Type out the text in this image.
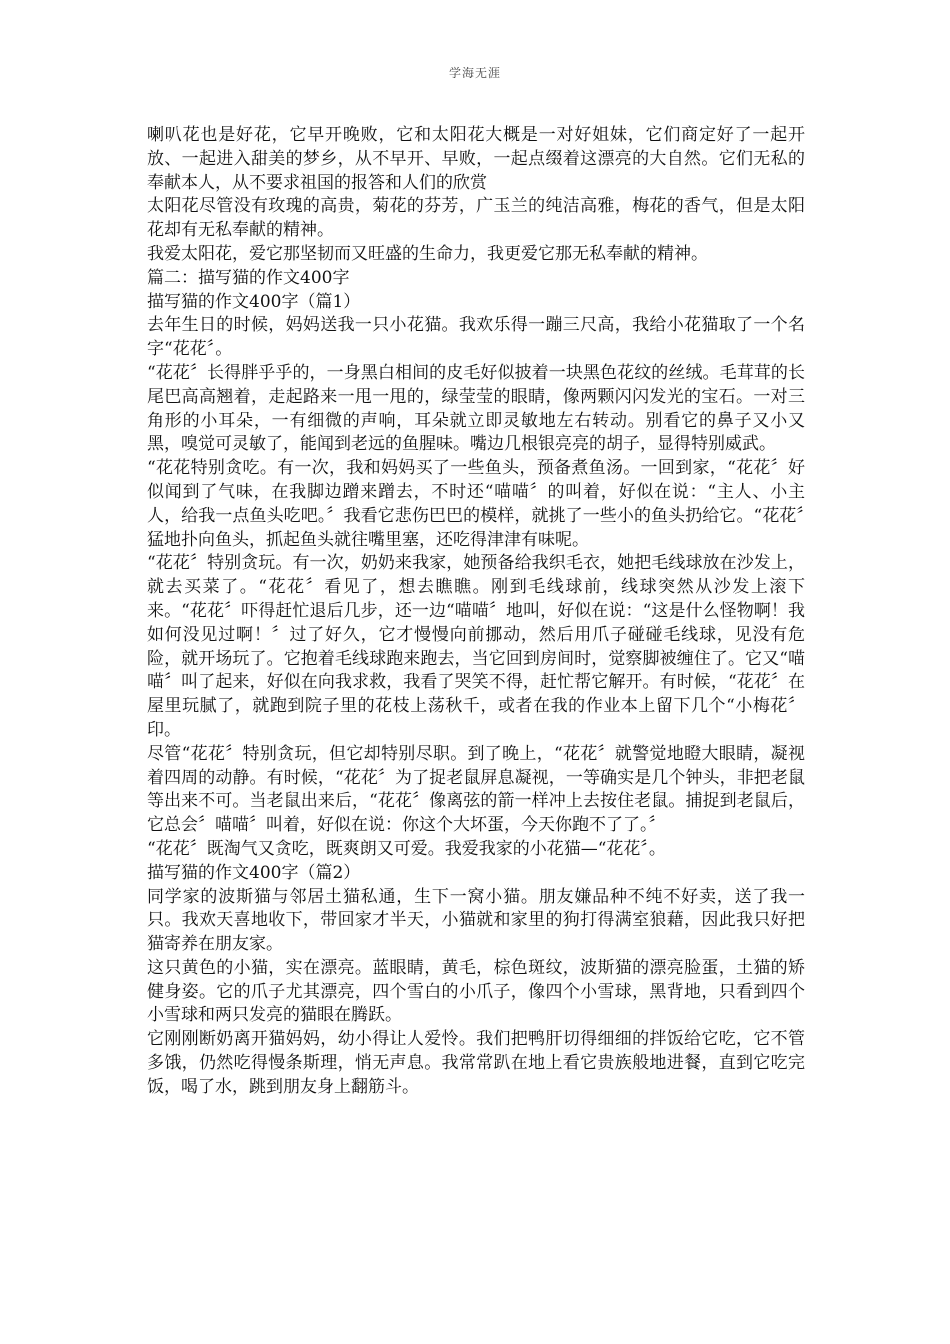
学海无涯

喇叭花也是好花，它早开晚败，它和太阳花大概是一对好姐妹，它们商定好了一起开放、一起进入甜美的梦乡，从不早开、早败，一起点缀着这漂亮的大自然。它们无私的奉献本人，从不要求祖国的报答和人们的欣赏

太阳花尽管没有玫瑰的高贵，菊花的芬芳，广玉兰的纯洁高雅，梅花的香气，但是太阳花却有无私奉献的精神。

我爱太阳花，爱它那坚韧而又旺盛的生命力，我更爱它那无私奉献的精神。

篇二：描写猫的作文400字

描写猫的作文400字（篇1）

去年生日的时候，妈妈送我一只小花猫。我欢乐得一蹦三尺高，我给小花猫取了一个名字“花花〞。

“花花〞长得胖乎乎的，一身黑白相间的皮毛好似披着一块黑色花纹的丝绒。毛茸茸的长尾巴高高翘着，走起路来一甩一甩的，绿莹莹的眼睛，像两颗闪闪发光的宝石。一对三角形的小耳朵，一有细微的声响，耳朵就立即灵敏地左右转动。别看它的鼻子又小又黑，嗅觉可灵敏了，能闻到老远的鱼腥味。嘴边几根银亮亮的胡子，显得特别威武。

“花花特别贪吃。有一次，我和妈妈买了一些鱼头，预备煮鱼汤。一回到家，“花花〞好似闻到了气味，在我脚边蹭来蹭去，不时还“喵喵〞的叫着，好似在说：“主人、小主人，给我一点鱼头吃吧。〞我看它悲伤巴巴的模样，就挑了一些小的鱼头扔给它。“花花〞猛地扑向鱼头，抓起鱼头就往嘴里塞，还吃得津津有味呢。

“花花〞特别贪玩。有一次，奶奶来我家，她预备给我织毛衣，她把毛线球放在沙发上，就去买菜了。“花花〞看见了，想去瞧瞧。刚到毛线球前，线球突然从沙发上滚下来。“花花〞吓得赶忙退后几步，还一边“喵喵〞地叫，好似在说：“这是什么怪物啊！我如何没见过啊！〞过了好久，它才慢慢向前挪动，然后用爪子碰碰毛线球，见没有危险，就开场玩了。它抱着毛线球跑来跑去，当它回到房间时，觉察脚被缠住了。它又“喵喵〞叫了起来，好似在向我求救，我看了哭笑不得，赶忙帮它解开。有时候，“花花〞在屋里玩腻了，就跑到院子里的花枝上荡秋千，或者在我的作业本上留下几个“小梅花〞印。

尽管“花花〞特别贪玩，但它却特别尽职。到了晚上，“花花〞就警觉地瞪大眼睛，凝视着四周的动静。有时候，“花花〞为了捉老鼠屏息凝视，一等确实是几个钟头，非把老鼠等出来不可。当老鼠出来后，“花花〞像离弦的箭一样冲上去按住老鼠。捕捉到老鼠后，它总会〞喵喵〞叫着，好似在说：你这个大坏蛋，今天你跑不了了。〞

“花花〞既淘气又贪吃，既爽朗又可爱。我爱我家的小花猫—“花花〞。

描写猫的作文400字（篇2）

同学家的波斯猫与邻居土猫私通，生下一窝小猫。朋友嫌品种不纯不好卖，送了我一只。我欢天喜地收下，带回家才半天，小猫就和家里的狗打得满室狼藉，因此我只好把猫寄养在朋友家。

这只黄色的小猫，实在漂亮。蓝眼睛，黄毛，棕色斑纹，波斯猫的漂亮脸蛋，土猫的矫健身姿。它的爪子尤其漂亮，四个雪白的小爪子，像四个小雪球，黑背地，只看到四个小雪球和两只发亮的猫眼在腾跃。

它刚刚断奶离开猫妈妈，幼小得让人爱怜。我们把鸭肝切得细细的拌饭给它吃，它不管多饿，仍然吃得慢条斯理，悄无声息。我常常趴在地上看它贵族般地进餐，直到它吃完饭，喝了水，跳到朋友身上翻筋斗。
